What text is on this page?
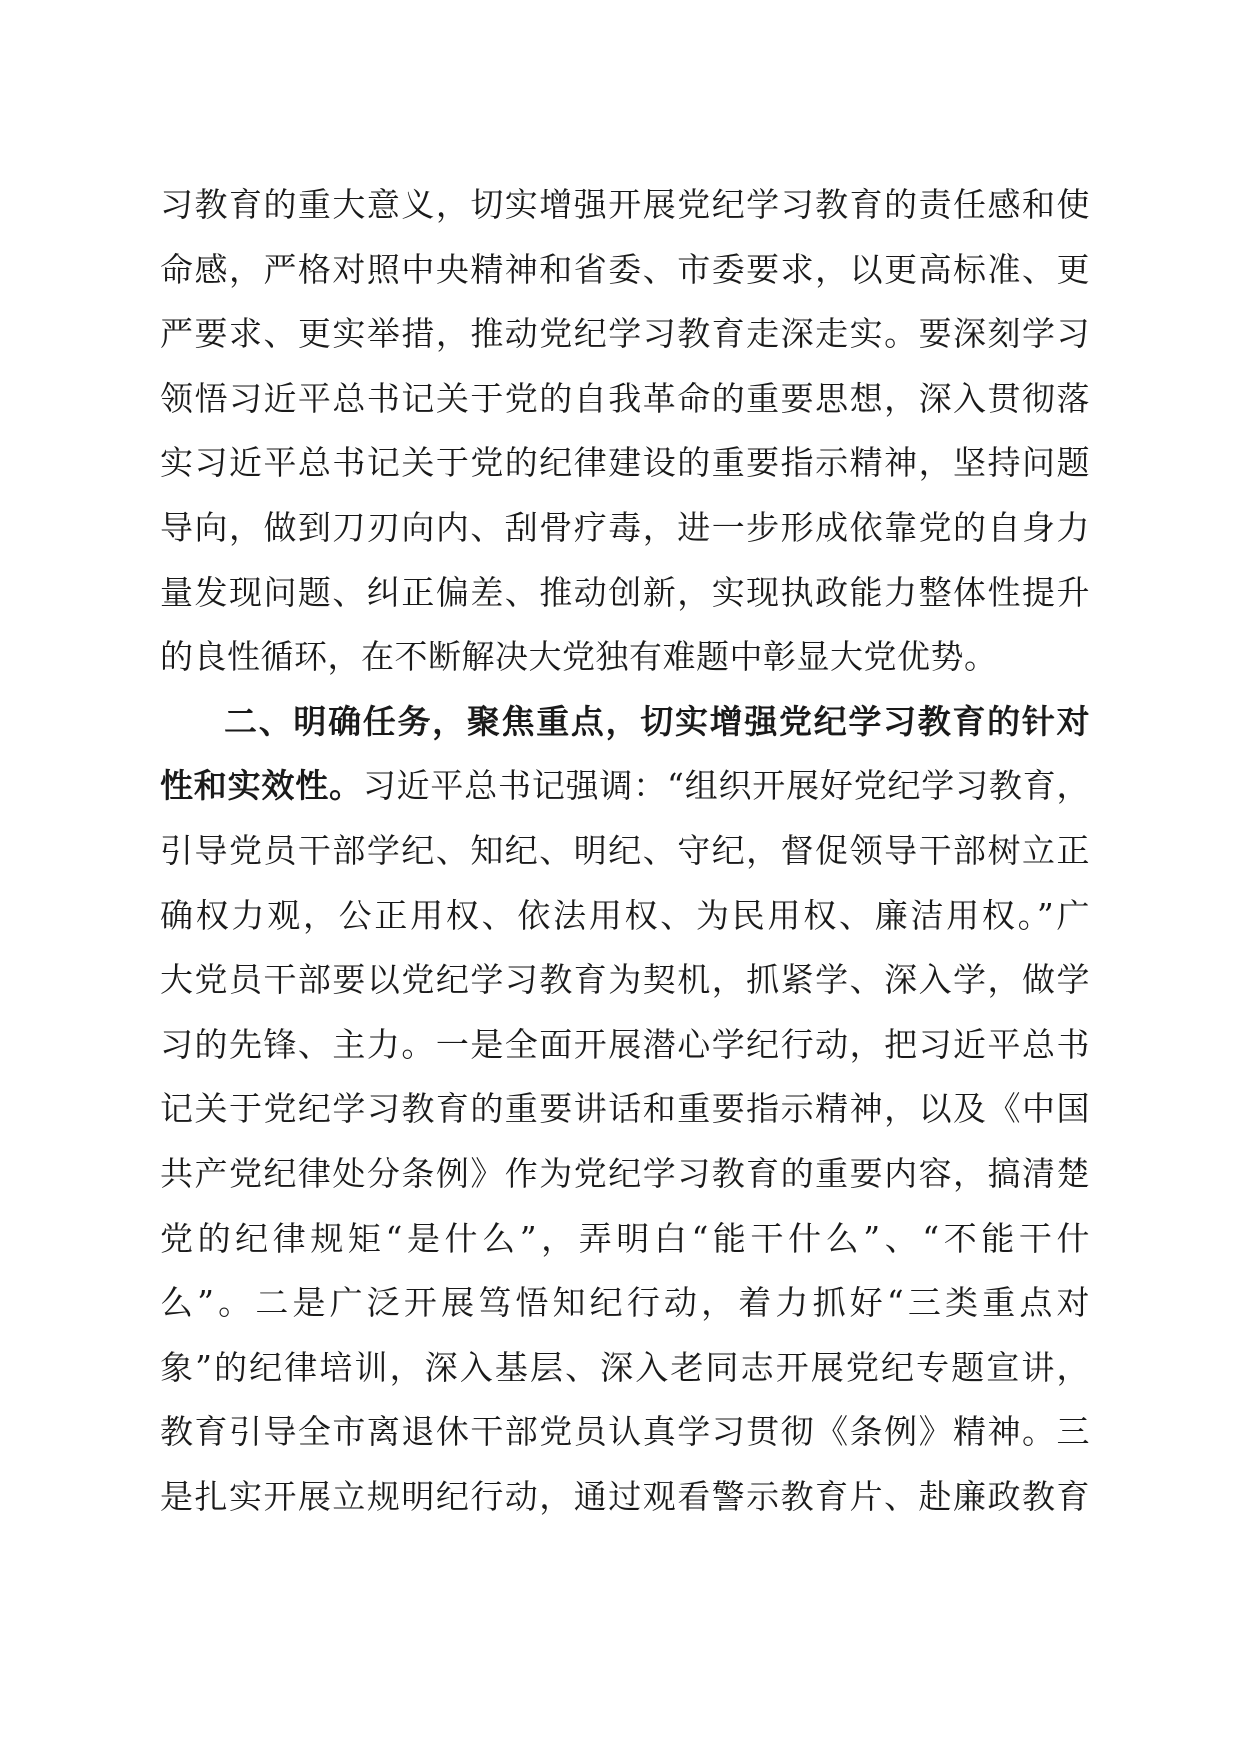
习教育的重大意义，切实增强开展党纪学习教育的责任感和使
命感，严格对照中央精神和省委、市委要求，以更高标准、更
严要求、更实举措，推动党纪学习教育走深走实。要深刻学习
领悟习近平总书记关于党的自我革命的重要思想，深入贯彻落
实习近平总书记关于党的纪律建设的重要指示精神，坚持问题
导向，做到刀刃向内、刮骨疗毒，进一步形成依靠党的自身力
量发现问题、纠正偏差、推动创新，实现执政能力整体性提升
的良性循环，在不断解决大党独有难题中彰显大党优势。
二、明确任务，聚焦重点，切实增强党纪学习教育的针对
性和实效性。习近平总书记强调：“组织开展好党纪学习教育，
引导党员干部学纪、知纪、明纪、守纪，督促领导干部树立正
确权力观，公正用权、依法用权、为民用权、廉洁用权。”广
大党员干部要以党纪学习教育为契机，抓紧学、深入学，做学
习的先锋、主力。一是全面开展潜心学纪行动，把习近平总书
记关于党纪学习教育的重要讲话和重要指示精神，以及《中国
共产党纪律处分条例》作为党纪学习教育的重要内容，搞清楚
党的纪律规矩“是什么”，弄明白“能干什么”、“不能干什
么”。二是广泛开展笃悟知纪行动，着力抓好“三类重点对
象”的纪律培训，深入基层、深入老同志开展党纪专题宣讲，
教育引导全市离退休干部党员认真学习贯彻《条例》精神。三
是扎实开展立规明纪行动，通过观看警示教育片、赴廉政教育
